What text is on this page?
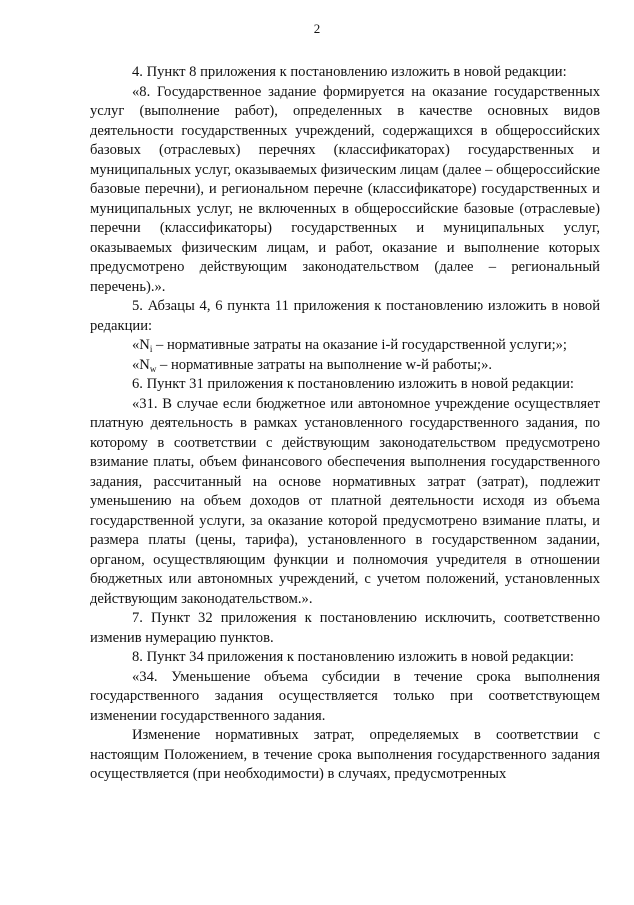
2

4. Пункт 8 приложения к постановлению изложить в новой редакции:

«8. Государственное задание формируется на оказание государственных услуг (выполнение работ), определенных в качестве основных видов деятельности государственных учреждений, содержащихся в общероссийских базовых (отраслевых) перечнях (классификаторах) государственных и муниципальных услуг, оказываемых физическим лицам (далее – общероссийские базовые перечни), и региональном перечне (классификаторе) государственных и муниципальных услуг, не включенных в общероссийские базовые (отраслевые) перечни (классификаторы) государственных и муниципальных услуг, оказываемых физическим лицам, и работ, оказание и выполнение которых предусмотрено действующим законодательством (далее – региональный перечень).».

5. Абзацы 4, 6 пункта 11 приложения к постановлению изложить в новой редакции:

«$N_i$ – нормативные затраты на оказание i-й государственной услуги;»;

«$N_w$ – нормативные затраты на выполнение w-й работы;».

6. Пункт 31 приложения к постановлению изложить в новой редакции:

«31. В случае если бюджетное или автономное учреждение осуществляет платную деятельность в рамках установленного государственного задания, по которому в соответствии с действующим законодательством предусмотрено взимание платы, объем финансового обеспечения выполнения государственного задания, рассчитанный на основе нормативных затрат (затрат), подлежит уменьшению на объем доходов от платной деятельности исходя из объема государственной услуги, за оказание которой предусмотрено взимание платы, и размера платы (цены, тарифа), установленного в государственном задании, органом, осуществляющим функции и полномочия учредителя в отношении бюджетных или автономных учреждений, с учетом положений, установленных действующим законодательством.».

7. Пункт 32 приложения к постановлению исключить, соответственно изменив нумерацию пунктов.

8. Пункт 34 приложения к постановлению изложить в новой редакции:

«34. Уменьшение объема субсидии в течение срока выполнения государственного задания осуществляется только при соответствующем изменении государственного задания.

Изменение нормативных затрат, определяемых в соответствии с настоящим Положением, в течение срока выполнения государственного задания осуществляется (при необходимости) в случаях, предусмотренных
